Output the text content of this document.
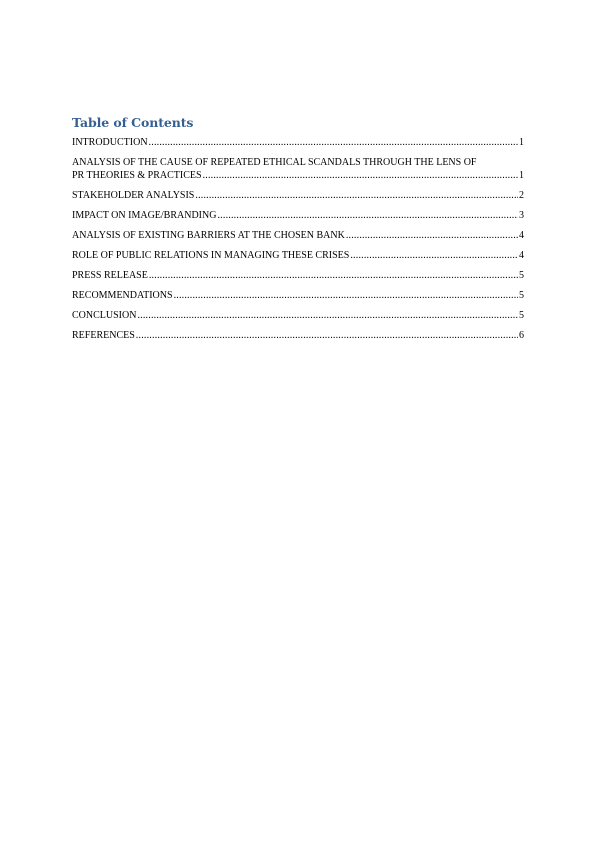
Table of Contents
INTRODUCTION .....	1
ANALYSIS OF THE CAUSE OF REPEATED ETHICAL SCANDALS THROUGH THE LENS OF
PR THEORIES & PRACTICES .....	1
STAKEHOLDER ANALYSIS .....	2
IMPACT ON IMAGE/BRANDING .....	3
ANALYSIS OF EXISTING BARRIERS AT THE CHOSEN BANK .....	4
ROLE OF PUBLIC RELATIONS IN MANAGING THESE CRISES .....	4
PRESS RELEASE .....	5
RECOMMENDATIONS .....	5
CONCLUSION .....	5
REFERENCES .....	6
